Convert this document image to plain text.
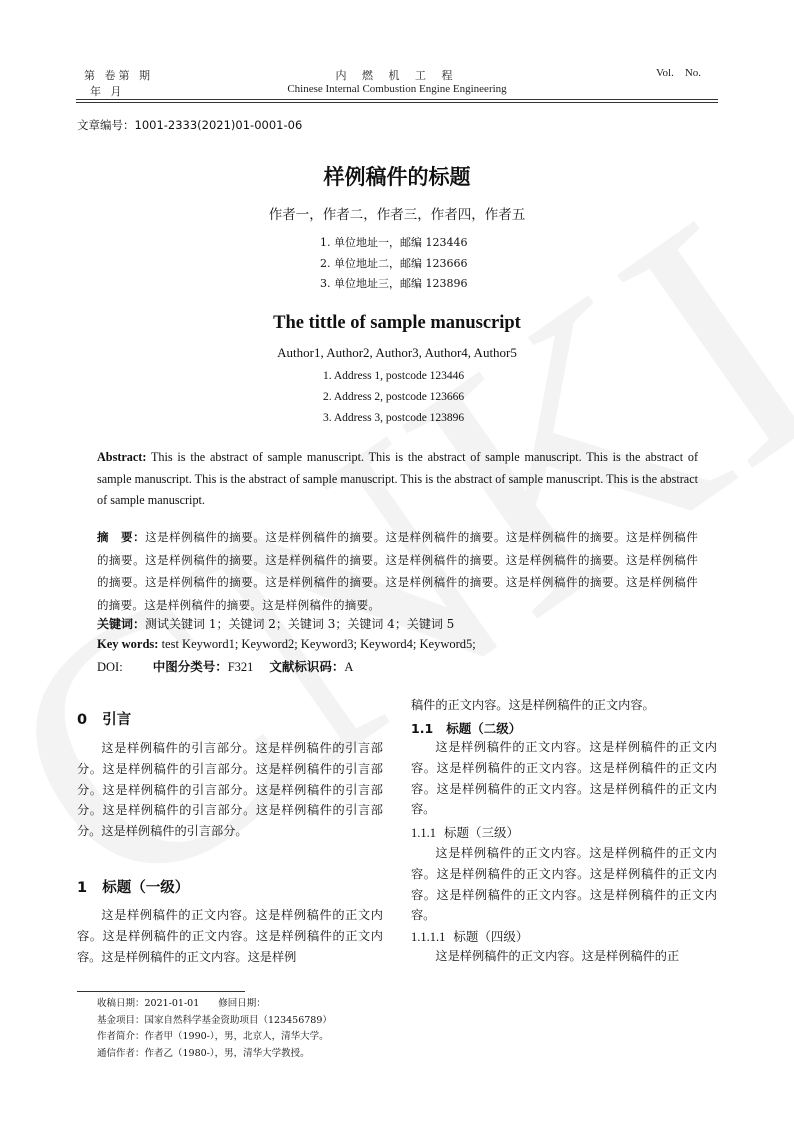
第 卷第 期
年 月
内 燃 机 工 程
Chinese Internal Combustion Engine Engineering
Vol.    No.
文章编号：1001-2333(2021)01-0001-06
样例稿件的标题
作者一，作者二，作者三，作者四，作者五
1. 单位地址一，邮编 123446
2. 单位地址二，邮编 123666
3. 单位地址三，邮编 123896
The tittle of sample manuscript
Author1, Author2, Author3, Author4, Author5
1. Address 1, postcode 123446
2. Address 2, postcode 123666
3. Address 3, postcode 123896
Abstract: This is the abstract of sample manuscript. This is the abstract of sample manuscript. This is the abstract of sample manuscript. This is the abstract of sample manuscript. This is the abstract of sample manuscript. This is the abstract of sample manuscript.
摘　要：这是样例稿件的摘要。这是样例稿件的摘要。这是样例稿件的摘要。这是样例稿件的摘要。这是样例稿件的摘要。这是样例稿件的摘要。这是样例稿件的摘要。这是样例稿件的摘要。这是样例稿件的摘要。这是样例稿件的摘要。这是样例稿件的摘要。这是样例稿件的摘要。这是样例稿件的摘要。这是样例稿件的摘要。这是样例稿件的摘要。这是样例稿件的摘要。这是样例稿件的摘要。
关键词：测试关键词 1；关键词 2；关键词 3；关键词 4；关键词 5
Key words: test Keyword1; Keyword2; Keyword3; Keyword4; Keyword5;
DOI: 中图分类号：F321 文献标识码：A
0 引言
这是样例稿件的引言部分。这是样例稿件的引言部分。这是样例稿件的引言部分。这是样例稿件的引言部分。这是样例稿件的引言部分。这是样例稿件的引言部分。这是样例稿件的引言部分。这是样例稿件的引言部分。这是样例稿件的引言部分。
1 标题（一级）
这是样例稿件的正文内容。这是样例稿件的正文内容。这是样例稿件的正文内容。这是样例稿件的正文内容。这是样例稿件的正文内容。这是样例
稿件的正文内容。这是样例稿件的正文内容。
1.1 标题（二级）
这是样例稿件的正文内容。这是样例稿件的正文内容。这是样例稿件的正文内容。这是样例稿件的正文内容。这是样例稿件的正文内容。这是样例稿件的正文内容。
1.1.1 标题（三级）
这是样例稿件的正文内容。这是样例稿件的正文内容。这是样例稿件的正文内容。这是样例稿件的正文内容。这是样例稿件的正文内容。这是样例稿件的正文内容。
1.1.1.1 标题（四级）
这是样例稿件的正文内容。这是样例稿件的正
收稿日期：2021-01-01　　修回日期：
基金项目：国家自然科学基金资助项目（123456789）
作者简介：作者甲（1990-），男，北京人，清华大学。
通信作者：作者乙（1980-），男，清华大学教授。
